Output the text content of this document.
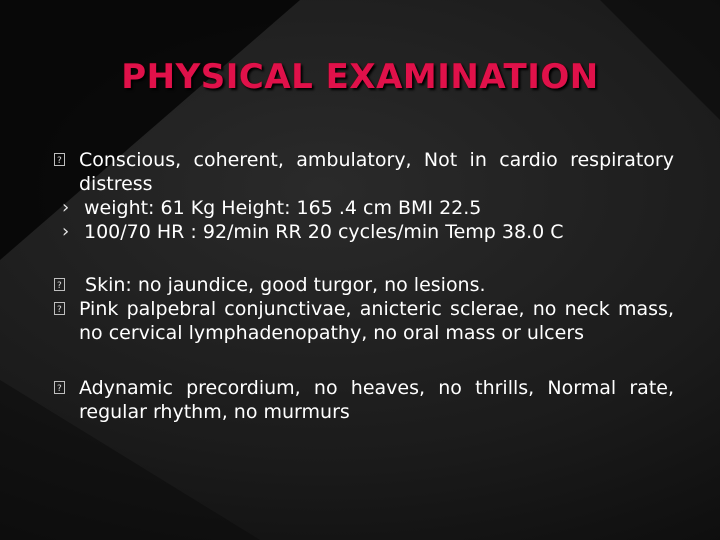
PHYSICAL EXAMINATION
?
Conscious, coherent, ambulatory, Not in cardio respiratory distress
› weight: 61 Kg Height: 165 .4 cm BMI 22.5
› 100/70 HR : 92/min RR 20 cycles/min Temp 38.0 C
?
Skin: no jaundice, good turgor, no lesions.
?
Pink palpebral conjunctivae, anicteric sclerae, no neck mass, no cervical lymphadenopathy, no oral mass or ulcers
?
Adynamic precordium, no heaves, no thrills, Normal rate, regular rhythm, no murmurs
